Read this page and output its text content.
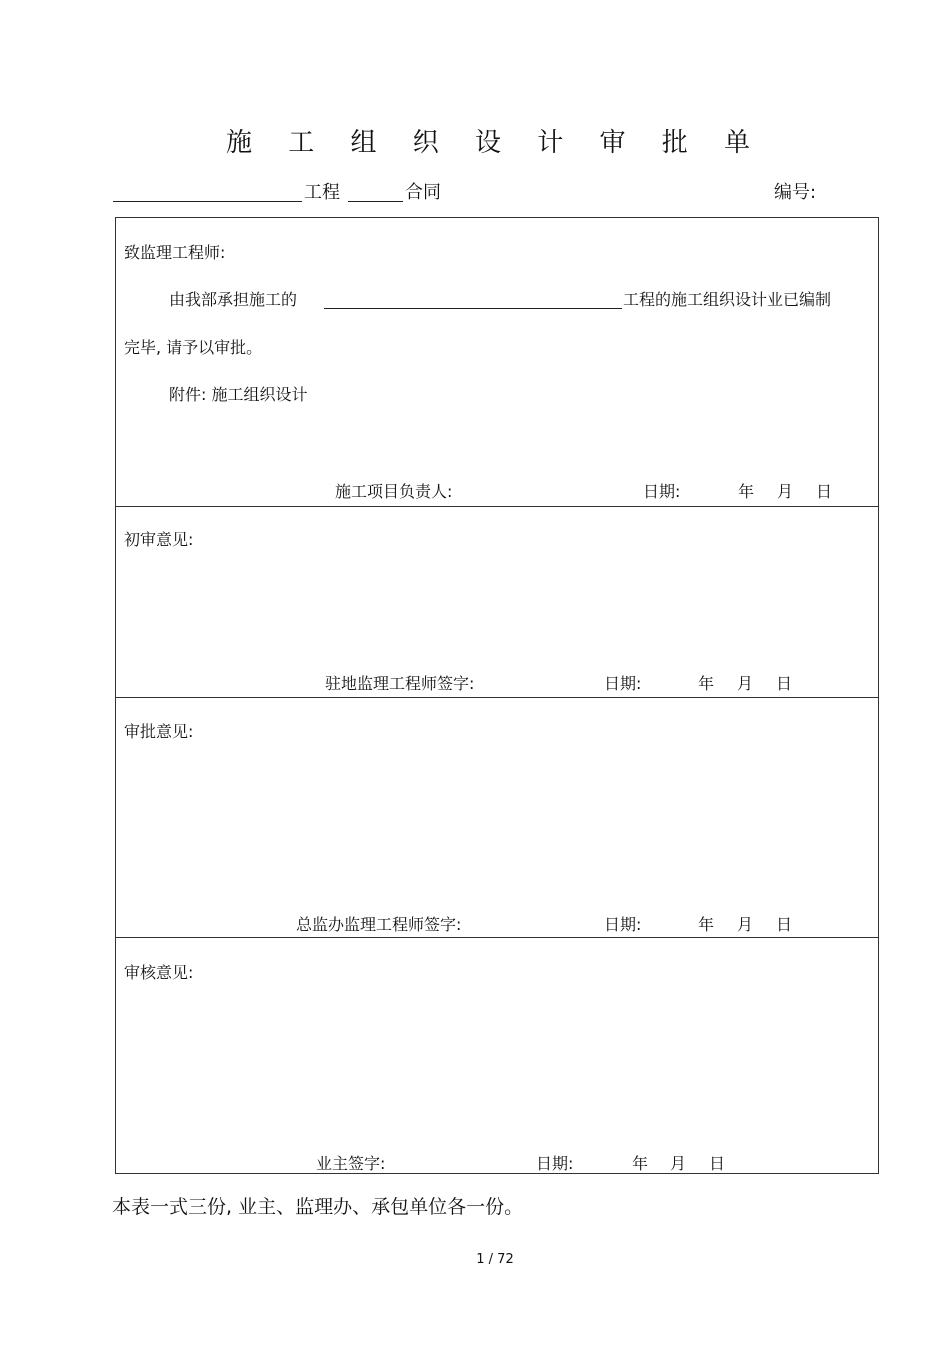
施 工 组 织 设 计 审 批 单
工程	合同	编号:
致监理工程师:
由我部承担施工的	工程的施工组织设计业已编制
完毕, 请予以审批。
附件: 施工组织设计
施工项目负责人:	日期:	年 月 日
初审意见:
驻地监理工程师签字:	日期:	年 月 日
审批意见:
总监办监理工程师签字:	日期:	年 月 日
审核意见:
业主签字:	日期:	年 月 日
本表一式三份, 业主、监理办、承包单位各一份。
1 / 72
